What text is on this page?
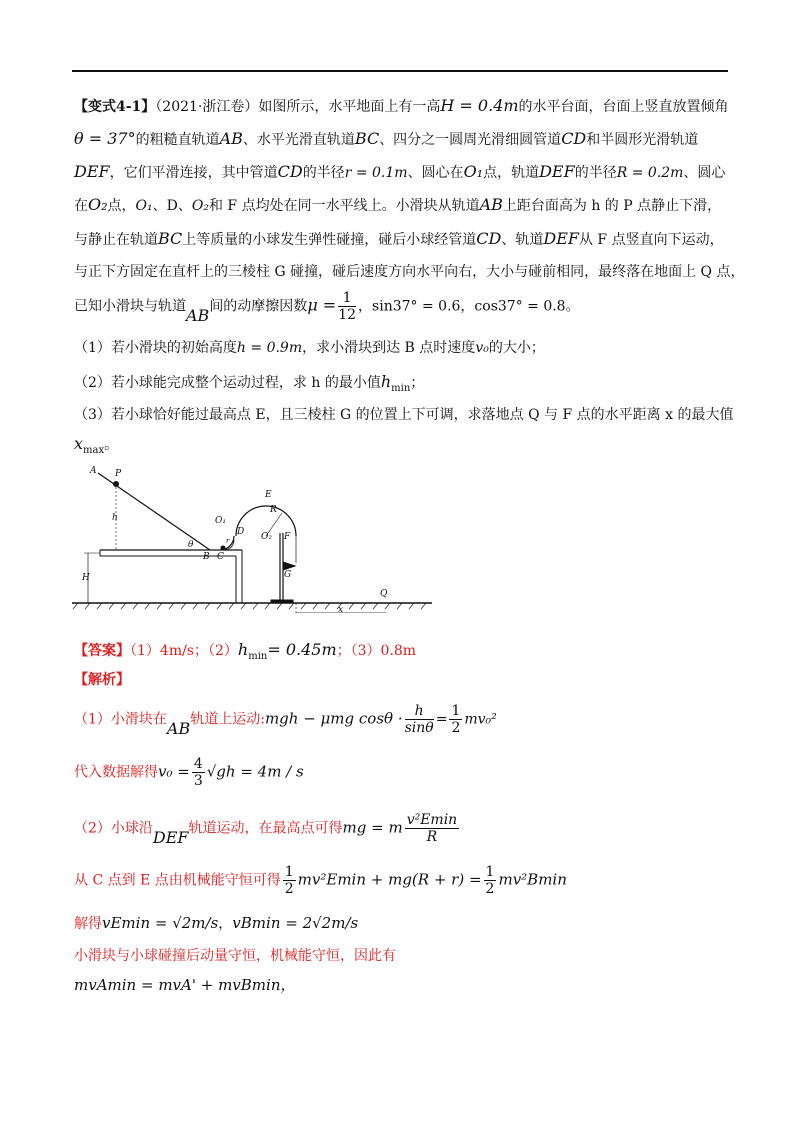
【变式4-1】（2021·浙江卷）如图所示，水平地面上有一高H = 0.4m的水平台面，台面上竖直放置倾角
θ = 37°的粗糙直轨道AB、水平光滑直轨道BC、四分之一圆周光滑细圆管道CD和半圆形光滑轨道
DEF，它们平滑连接，其中管道CD的半径r = 0.1m、圆心在O₁点，轨道DEF的半径R = 0.2m、圆心
在O₂点，O₁、D、O₂和 F 点均处在同一水平线上。小滑块从轨道AB上距台面高为 h 的 P 点静止下滑，
与静止在轨道BC上等质量的小球发生弹性碰撞，碰后小球经管道CD、轨道DEF从 F 点竖直向下运动，
与正下方固定在直杆上的三棱柱 G 碰撞，碰后速度方向水平向右，大小与碰前相同，最终落在地面上 Q 点，
已知小滑块与轨道AB间的动摩擦因数$\mu = \frac{1}{12}$ ，sin37° = 0.6，cos37° = 0.8。
（1）若小滑块的初始高度h = 0.9m，求小滑块到达 B 点时速度v₀的大小；
（2）若小球能完成整个运动过程，求 h 的最小值$h_{min}$；
（3）若小球恰好能过最高点 E，且三棱柱 G 的位置上下可调，求落地点 Q 与 F 点的水平距离 x 的最大值
$x_{max}$。
H
A P
h
θ
B C
O₁
D
r
E
R
O₂ F
G
x
Q
【答案】（1）4m/s；$(2)h_{min}= 0.45m$；（3）0.8m
【解析】
（1）小滑块在AB轨道上运动:mgh − μmg $\cos\theta \cdot \frac{h}{\sin\theta} = \frac{1}{2} mv_0^2$
代入数据解得$v_0 = \frac{4}{3} √gh = 4m / s$
（2）小球沿DEF轨道运动，在最高点可得mg = m $\frac{\text{v²Emin}}{R}$
从 C 点到 E 点由机械能守恒可得 $\frac{1}{2} mv^2Emin + mg(R + r) = \frac{1}{2} mv^2Bmin$
解得vEmin = √2m/s，vBmin = 2√2m/s
小滑块与小球碰撞后动量守恒，机械能守恒，因此有
mvAmin = mvA' + mvBmin，
